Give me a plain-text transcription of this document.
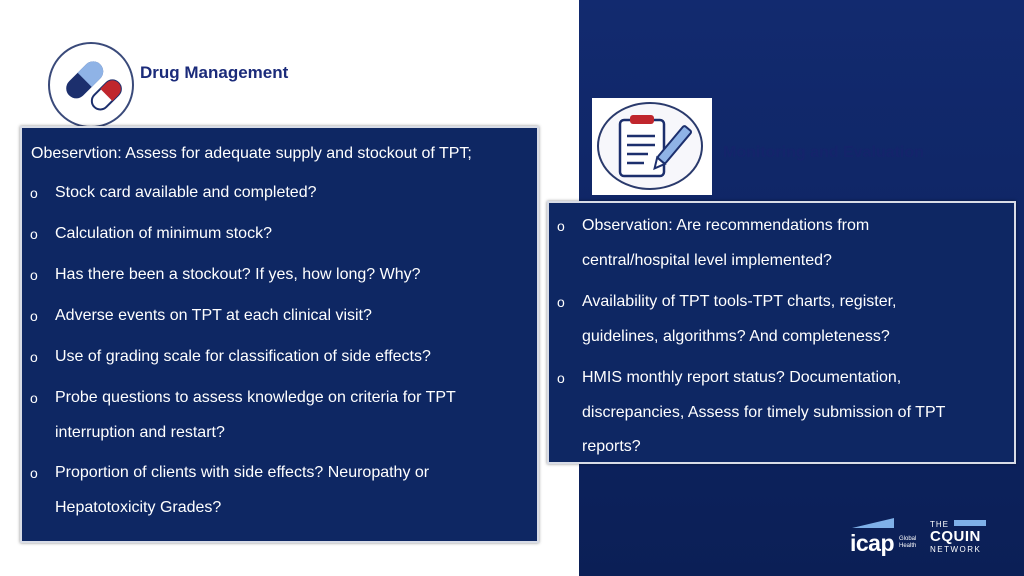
Drug Management
Monitoring and Evaluation
Obeservtion: Assess for adequate supply and stockout of TPT;
o	Stock card available and completed?
o	Calculation of minimum stock?
o	Has there been a stockout? If yes, how long? Why?
o	Adverse events on TPT at each clinical visit?
o	Use of grading scale for classification of side effects?
o	Probe questions to assess knowledge on criteria for TPT interruption and restart?
o	Proportion of clients with side effects? Neuropathy or Hepatotoxicity Grades?
o	Observation: Are recommendations from central/hospital level implemented?
o	Availability of TPT tools-TPT charts, register, guidelines, algorithms? And completeness?
o	HMIS monthly report status? Documentation, discrepancies, Assess for timely submission of TPT reports?
icap Global Health
THE
CQUIN
NETWORK
